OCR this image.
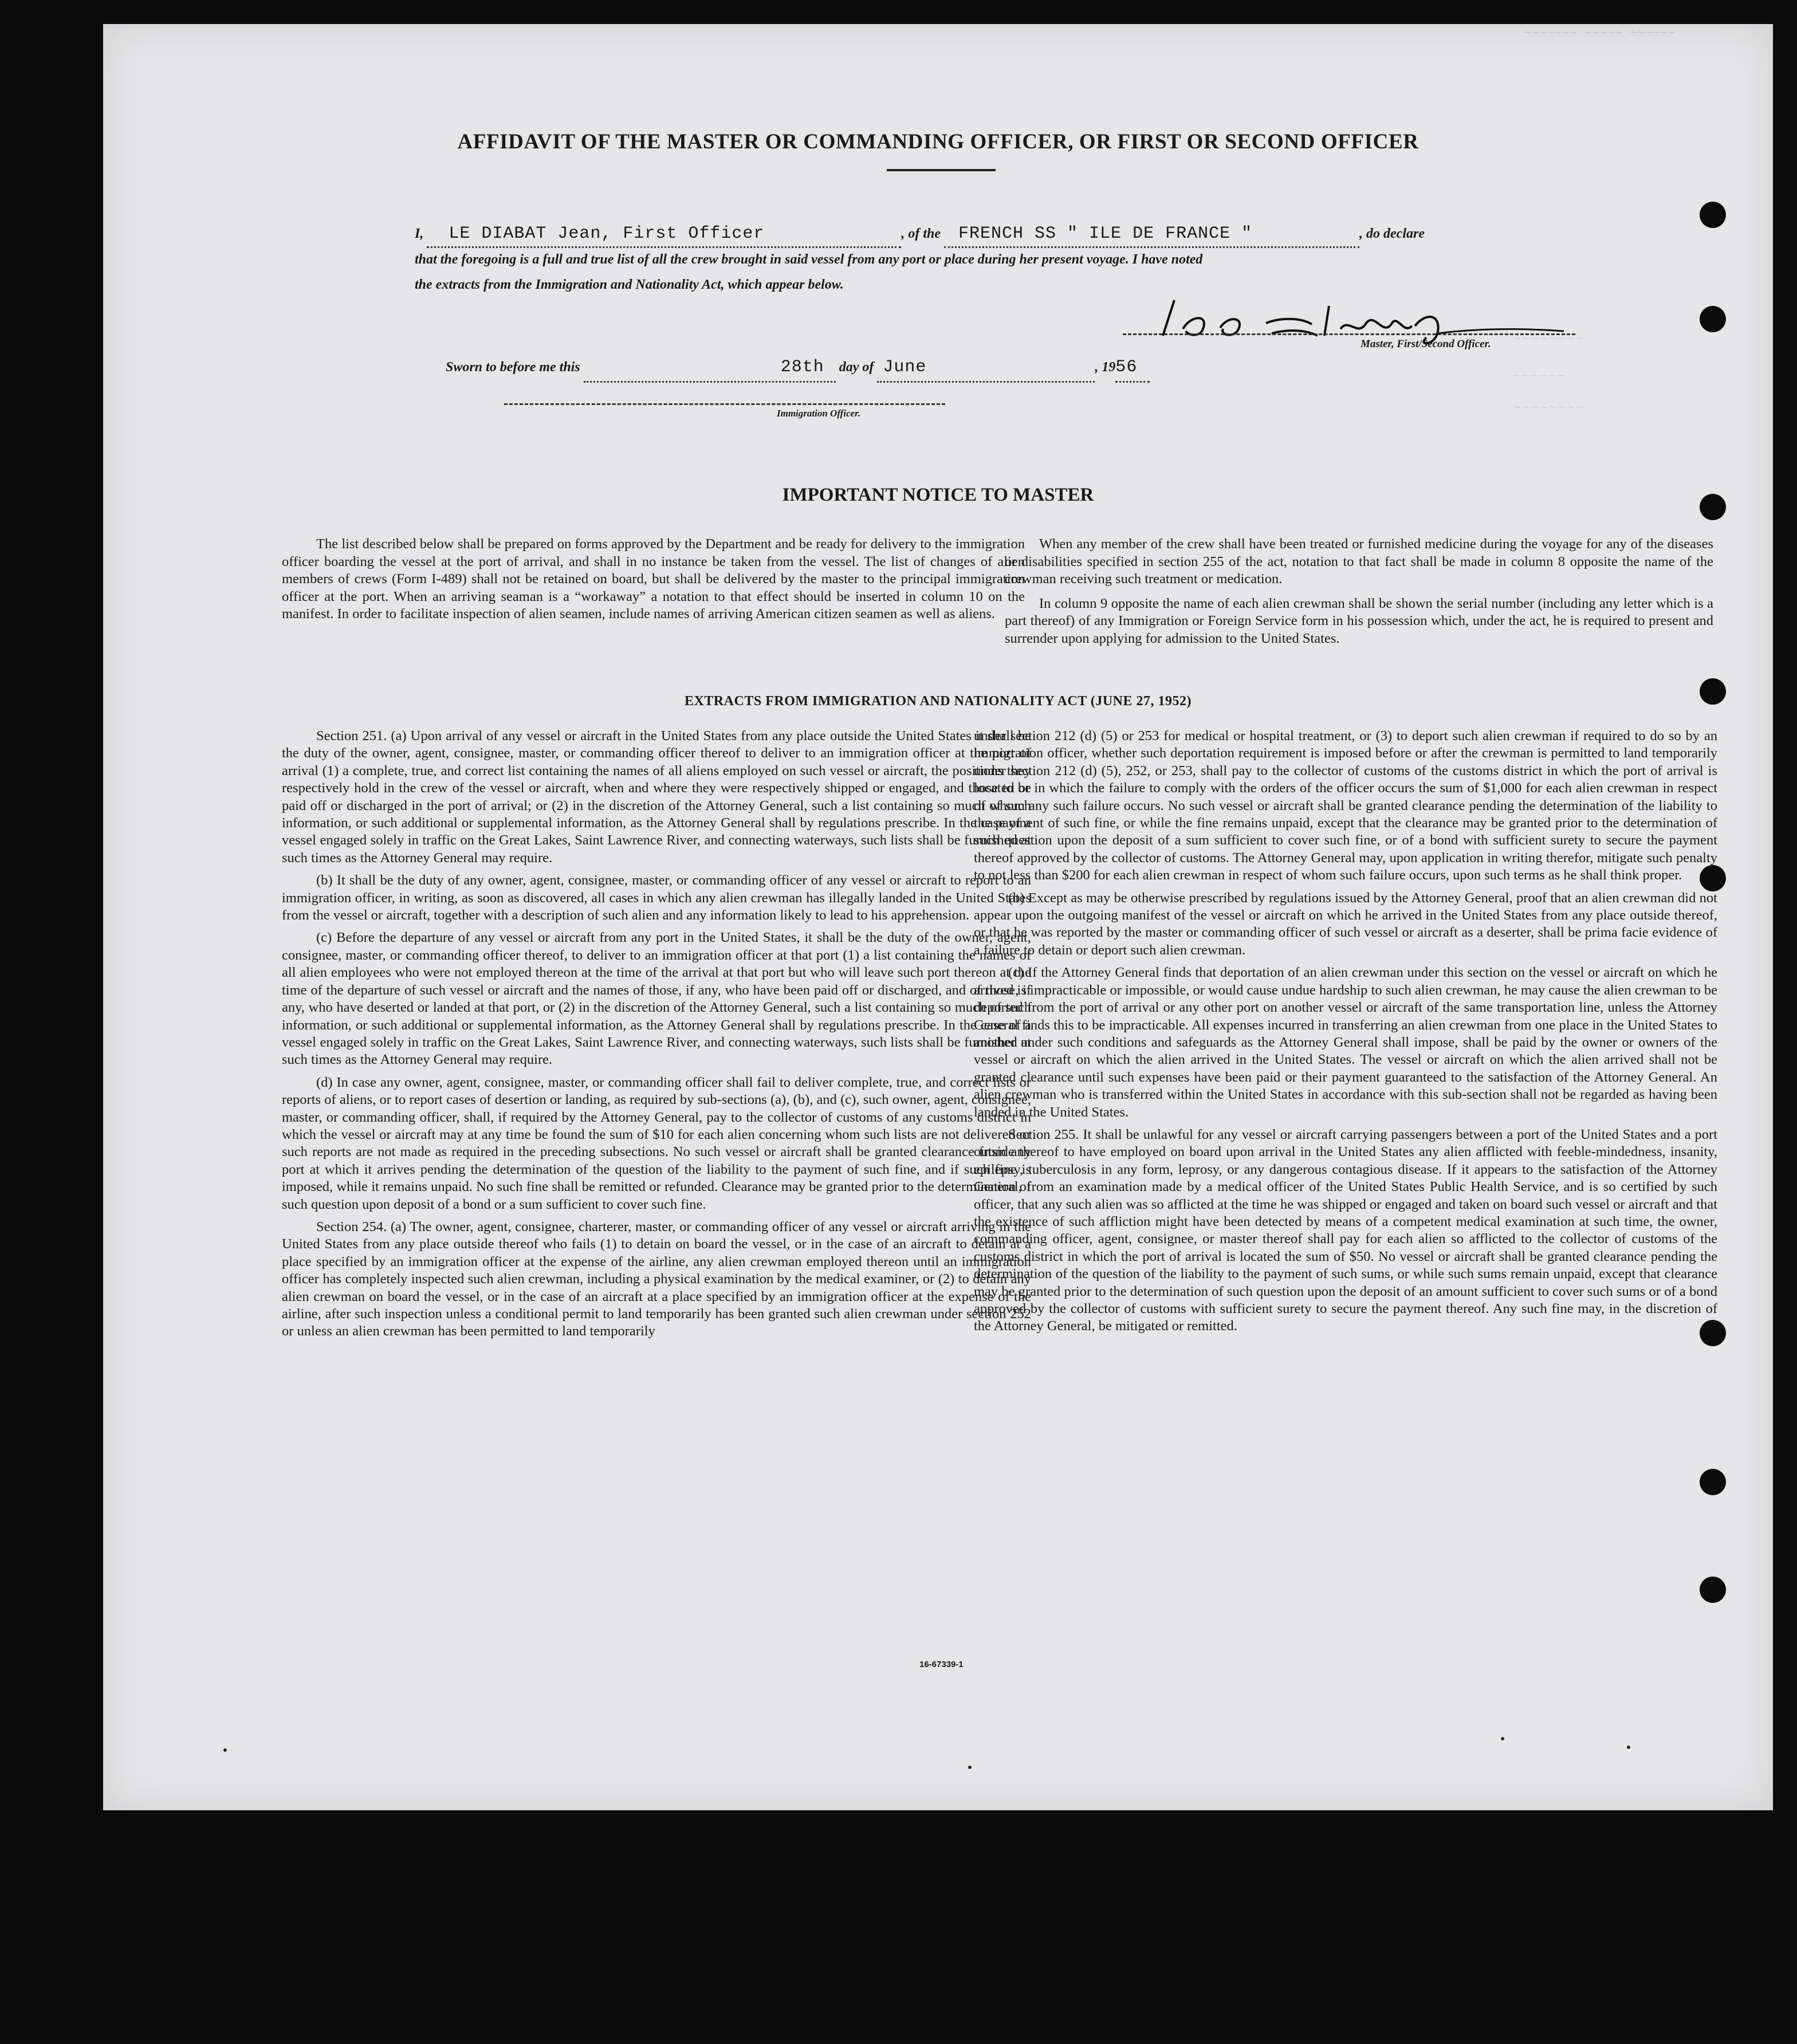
~~~~~~~ ~~~~~ ~~~~~~
~~~~~~~~
~~~~~~
~~~~~~~~
AFFIDAVIT OF THE MASTER OR COMMANDING OFFICER, OR FIRST OR SECOND OFFICER
I, LE DIABAT Jean, First Officer	, of the FRENCH SS " ILE DE FRANCE "	, do declare
that the foregoing is a full and true list of all the crew brought in said vessel from any port or place during her present voyage. I have noted
the extracts from the Immigration and Nationality Act, which appear below.
Master, First/Second Officer.
Sworn to before me this	28th day of June	, 1956
Immigration Officer.
IMPORTANT NOTICE TO MASTER

The list described below shall be prepared on forms approved by the Department and be ready for delivery to the immigration officer boarding the vessel at the port of arrival, and shall in no instance be taken from the vessel. The list of changes of alien members of crews (Form I-489) shall not be retained on board, but shall be delivered by the master to the principal immigration officer at the port. When an arriving seaman is a “workaway” a notation to that effect should be inserted in column 10 on the manifest. In order to facilitate inspection of alien seamen, include names of arriving American citizen seamen as well as aliens.

When any member of the crew shall have been treated or furnished medicine during the voyage for any of the diseases or disabilities specified in section 255 of the act, notation to that fact shall be made in column 8 opposite the name of the crewman receiving such treatment or medication.

In column 9 opposite the name of each alien crewman shall be shown the serial number (including any letter which is a part thereof) of any Immigration or Foreign Service form in his possession which, under the act, he is required to present and surrender upon applying for admission to the United States.

EXTRACTS FROM IMMIGRATION AND NATIONALITY ACT (JUNE 27, 1952)

Section 251. (a) Upon arrival of any vessel or aircraft in the United States from any place outside the United States it shall be the duty of the owner, agent, consignee, master, or commanding officer thereof to deliver to an immigration officer at the port of arrival (1) a complete, true, and correct list containing the names of all aliens employed on such vessel or aircraft, the positions they respectively hold in the crew of the vessel or aircraft, when and where they were respectively shipped or engaged, and those to be paid off or discharged in the port of arrival; or (2) in the discretion of the Attorney General, such a list containing so much of such information, or such additional or supplemental information, as the Attorney General shall by regulations prescribe. In the case of a vessel engaged solely in traffic on the Great Lakes, Saint Lawrence River, and connecting waterways, such lists shall be furnished at such times as the Attorney General may require.

(b) It shall be the duty of any owner, agent, consignee, master, or commanding officer of any vessel or aircraft to report to an immigration officer, in writing, as soon as discovered, all cases in which any alien crewman has illegally landed in the United States from the vessel or aircraft, together with a description of such alien and any information likely to lead to his apprehension.

(c) Before the departure of any vessel or aircraft from any port in the United States, it shall be the duty of the owner, agent, consignee, master, or commanding officer thereof, to deliver to an immigration officer at that port (1) a list containing the names of all alien employees who were not employed thereon at the time of the arrival at that port but who will leave such port thereon at the time of the departure of such vessel or aircraft and the names of those, if any, who have been paid off or discharged, and of those, if any, who have deserted or landed at that port, or (2) in the discretion of the Attorney General, such a list containing so much of such information, or such additional or supplemental information, as the Attorney General shall by regulations prescribe. In the case of a vessel engaged solely in traffic on the Great Lakes, Saint Lawrence River, and connecting waterways, such lists shall be furnished at such times as the Attorney General may require.

(d) In case any owner, agent, consignee, master, or commanding officer shall fail to deliver complete, true, and correct lists or reports of aliens, or to report cases of desertion or landing, as required by sub-sections (a), (b), and (c), such owner, agent, consignee, master, or commanding officer, shall, if required by the Attorney General, pay to the collector of customs of any customs district in which the vessel or aircraft may at any time be found the sum of $10 for each alien concerning whom such lists are not delivered or such reports are not made as required in the preceding subsections. No such vessel or aircraft shall be granted clearance from any port at which it arrives pending the determination of the question of the liability to the payment of such fine, and if such fine is imposed, while it remains unpaid. No such fine shall be remitted or refunded. Clearance may be granted prior to the determination of such question upon deposit of a bond or a sum sufficient to cover such fine.

Section 254. (a) The owner, agent, consignee, charterer, master, or commanding officer of any vessel or aircraft arriving in the United States from any place outside thereof who fails (1) to detain on board the vessel, or in the case of an aircraft to detain at a place specified by an immigration officer at the expense of the airline, any alien crewman employed thereon until an immigration officer has completely inspected such alien crewman, including a physical examination by the medical examiner, or (2) to detain any alien crewman on board the vessel, or in the case of an aircraft at a place specified by an immigration officer at the expense of the airline, after such inspection unless a conditional permit to land temporarily has been granted such alien crewman under section 252 or unless an alien crewman has been permitted to land temporarily

under section 212 (d) (5) or 253 for medical or hospital treatment, or (3) to deport such alien crewman if required to do so by an immigration officer, whether such deportation requirement is imposed before or after the crewman is permitted to land temporarily under section 212 (d) (5), 252, or 253, shall pay to the collector of customs of the customs district in which the port of arrival is located or in which the failure to comply with the orders of the officer occurs the sum of $1,000 for each alien crewman in respect of whom any such failure occurs. No such vessel or aircraft shall be granted clearance pending the determination of the liability to the payment of such fine, or while the fine remains unpaid, except that the clearance may be granted prior to the determination of such question upon the deposit of a sum sufficient to cover such fine, or of a bond with sufficient surety to secure the payment thereof approved by the collector of customs. The Attorney General may, upon application in writing therefor, mitigate such penalty to not less than $200 for each alien crewman in respect of whom such failure occurs, upon such terms as he shall think proper.

(b) Except as may be otherwise prescribed by regulations issued by the Attorney General, proof that an alien crewman did not appear upon the outgoing manifest of the vessel or aircraft on which he arrived in the United States from any place outside thereof, or that he was reported by the master or commanding officer of such vessel or aircraft as a deserter, shall be prima facie evidence of a failure to detain or deport such alien crewman.

(c) If the Attorney General finds that deportation of an alien crewman under this section on the vessel or aircraft on which he arrived is impracticable or impossible, or would cause undue hardship to such alien crewman, he may cause the alien crewman to be deported from the port of arrival or any other port on another vessel or aircraft of the same transportation line, unless the Attorney General finds this to be impracticable. All expenses incurred in transferring an alien crewman from one place in the United States to another under such conditions and safeguards as the Attorney General shall impose, shall be paid by the owner or owners of the vessel or aircraft on which the alien arrived in the United States. The vessel or aircraft on which the alien arrived shall not be granted clearance until such expenses have been paid or their payment guaranteed to the satisfaction of the Attorney General. An alien crewman who is transferred within the United States in accordance with this sub-section shall not be regarded as having been landed in the United States.

Section 255. It shall be unlawful for any vessel or aircraft carrying passengers between a port of the United States and a port outside thereof to have employed on board upon arrival in the United States any alien afflicted with feeble-mindedness, insanity, epilepsy, tuberculosis in any form, leprosy, or any dangerous contagious disease. If it appears to the satisfaction of the Attorney General, from an examination made by a medical officer of the United States Public Health Service, and is so certified by such officer, that any such alien was so afflicted at the time he was shipped or engaged and taken on board such vessel or aircraft and that the existence of such affliction might have been detected by means of a competent medical examination at such time, the owner, commanding officer, agent, consignee, or master thereof shall pay for each alien so afflicted to the collector of customs of the customs district in which the port of arrival is located the sum of $50. No vessel or aircraft shall be granted clearance pending the determination of the question of the liability to the payment of such sums, or while such sums remain unpaid, except that clearance may be granted prior to the determination of such question upon the deposit of an amount sufficient to cover such sums or of a bond approved by the collector of customs with sufficient surety to secure the payment thereof. Any such fine may, in the discretion of the Attorney General, be mitigated or remitted.

16-67339-1
